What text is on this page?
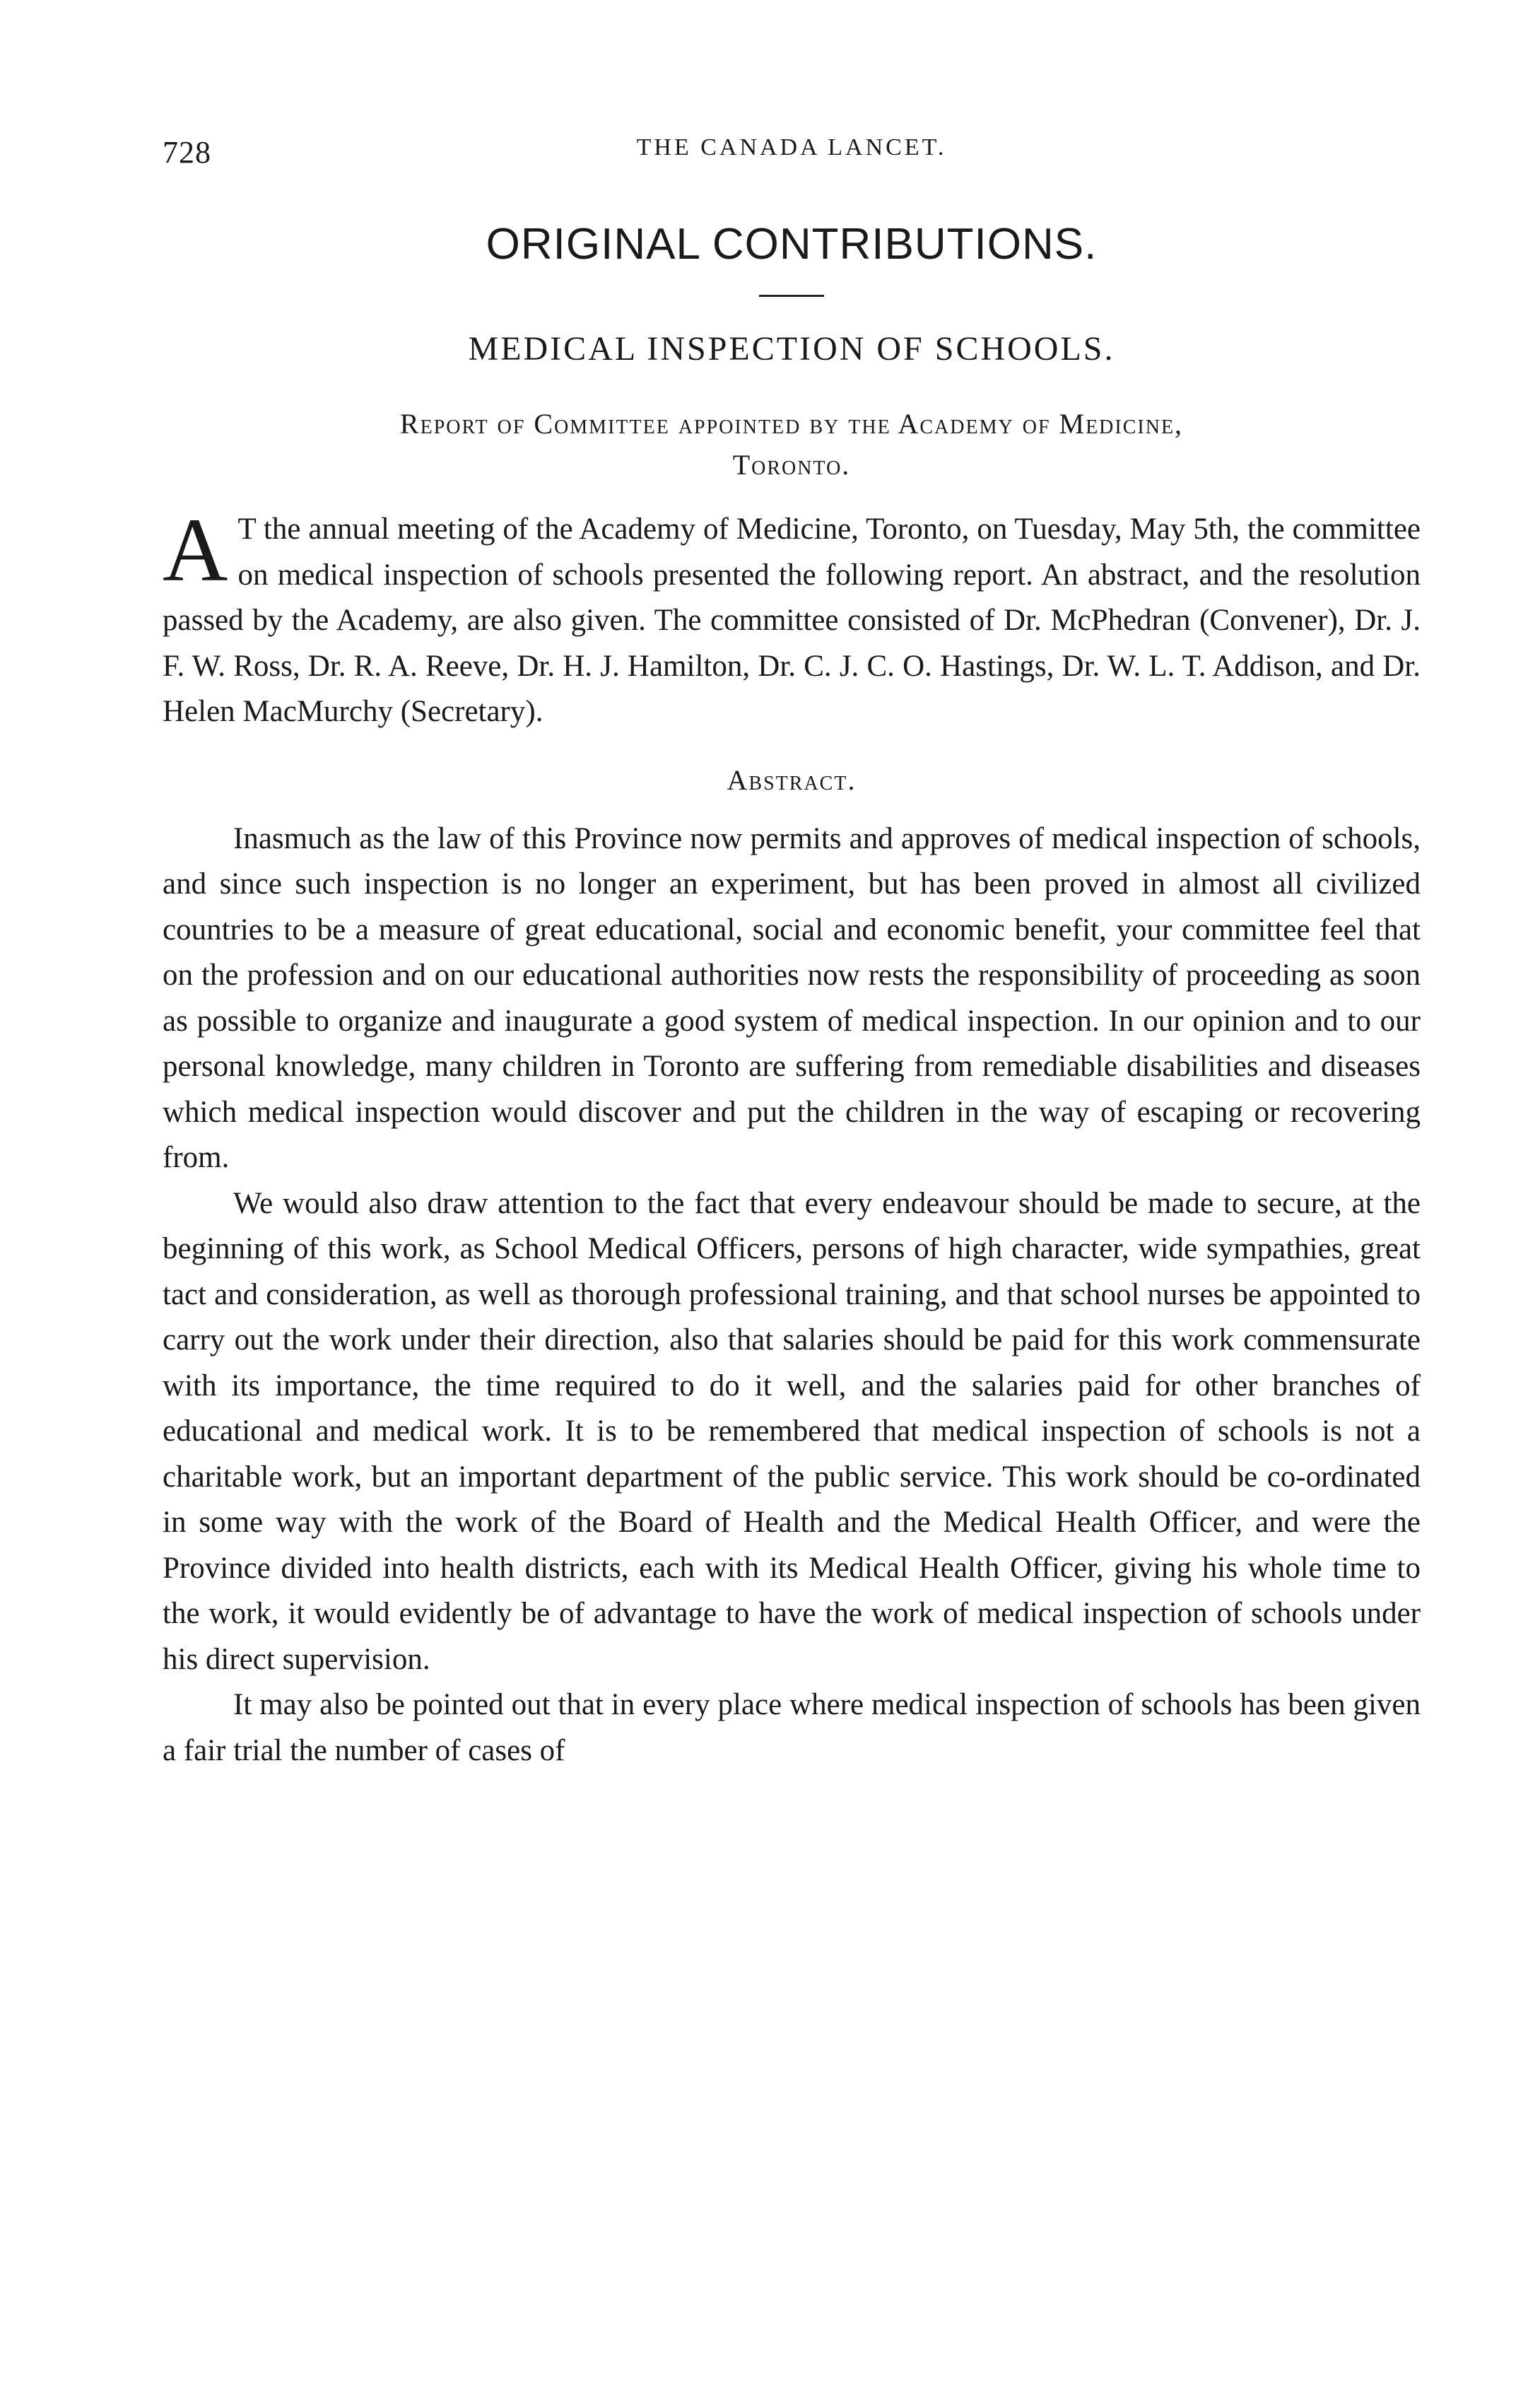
728	THE CANADA LANCET.
ORIGINAL CONTRIBUTIONS.
MEDICAL INSPECTION OF SCHOOLS.
Report of Committee appointed by the Academy of Medicine,
Toronto.

A T the annual meeting of the Academy of Medicine, Toronto, on Tuesday, May 5th, the committee on medical inspection of schools presented the following report. An abstract, and the resolution passed by the Academy, are also given. The committee consisted of Dr. McPhedran (Convener), Dr. J. F. W. Ross, Dr. R. A. Reeve, Dr. H. J. Hamilton, Dr. C. J. C. O. Hastings, Dr. W. L. T. Addison, and Dr. Helen MacMurchy (Secretary).

Abstract.

Inasmuch as the law of this Province now permits and approves of medical inspection of schools, and since such inspection is no longer an experiment, but has been proved in almost all civilized countries to be a measure of great educational, social and economic benefit, your committee feel that on the profession and on our educational authorities now rests the responsibility of proceeding as soon as possible to organize and inaugurate a good system of medical inspection. In our opinion and to our personal knowledge, many children in Toronto are suffering from remediable disabilities and diseases which medical inspection would discover and put the children in the way of escaping or recovering from.

We would also draw attention to the fact that every endeavour should be made to secure, at the beginning of this work, as School Medical Officers, persons of high character, wide sympathies, great tact and consideration, as well as thorough professional training, and that school nurses be appointed to carry out the work under their direction, also that salaries should be paid for this work commensurate with its importance, the time required to do it well, and the salaries paid for other branches of educational and medical work. It is to be remembered that medical inspection of schools is not a charitable work, but an important department of the public service. This work should be co-ordinated in some way with the work of the Board of Health and the Medical Health Officer, and were the Province divided into health districts, each with its Medical Health Officer, giving his whole time to the work, it would evidently be of advantage to have the work of medical inspection of schools under his direct supervision.

It may also be pointed out that in every place where medical inspection of schools has been given a fair trial the number of cases of
